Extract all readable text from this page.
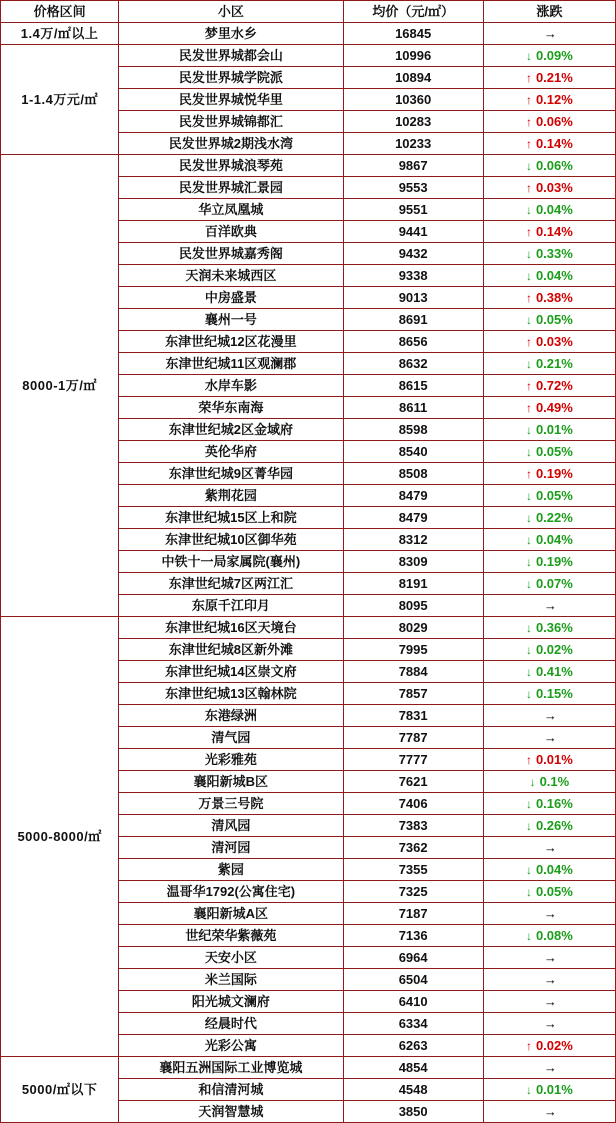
价格区间	小区	均价（元/㎡）	涨跌
1.4万/㎡以上	梦里水乡	16845	→

1-1.4万元/㎡	民发世界城都会山	10996	↓ 0.09%

	民发世界城学院派	10894	↑ 0.21%

	民发世界城悦华里	10360	↑ 0.12%

	民发世界城锦都汇	10283	↑ 0.06%

	民发世界城2期浅水湾	10233	↑ 0.14%

8000-1万/㎡	民发世界城浪琴苑	9867	↓ 0.06%

	民发世界城汇景园	9553	↑ 0.03%

	华立凤凰城	9551	↓ 0.04%

	百洋欧典	9441	↑ 0.14%

	民发世界城嘉秀阁	9432	↓ 0.33%

	天润未来城西区	9338	↓ 0.04%

	中房盛景	9013	↑ 0.38%

	襄州一号	8691	↓ 0.05%

	东津世纪城12区花漫里	8656	↑ 0.03%

	东津世纪城11区观澜郡	8632	↓ 0.21%

	水岸车影	8615	↑ 0.72%

	荣华东南海	8611	↑ 0.49%

	东津世纪城2区金域府	8598	↓ 0.01%

	英伦华府	8540	↓ 0.05%

	东津世纪城9区菁华园	8508	↑ 0.19%

	紫荆花园	8479	↓ 0.05%

	东津世纪城15区上和院	8479	↓ 0.22%

	东津世纪城10区御华苑	8312	↓ 0.04%

	中铁十一局家属院(襄州)	8309	↓ 0.19%

	东津世纪城7区两江汇	8191	↓ 0.07%

	东原千江印月	8095	→

5000-8000/㎡	东津世纪城16区天境台	8029	↓ 0.36%

	东津世纪城8区新外滩	7995	↓ 0.02%

	东津世纪城14区崇文府	7884	↓ 0.41%

	东津世纪城13区翰林院	7857	↓ 0.15%

	东港绿洲	7831	→

	清气园	7787	→

	光彩雅苑	7777	↑ 0.01%

	襄阳新城B区	7621	↓ 0.1%

	万景三号院	7406	↓ 0.16%

	清风园	7383	↓ 0.26%

	清河园	7362	→

	紫园	7355	↓ 0.04%

	温哥华1792(公寓住宅)	7325	↓ 0.05%

	襄阳新城A区	7187	→

	世纪荣华紫薇苑	7136	↓ 0.08%

	天安小区	6964	→

	米兰国际	6504	→

	阳光城文澜府	6410	→

	经晨时代	6334	→

	光彩公寓	6263	↑ 0.02%

5000/㎡以下	襄阳五洲国际工业博览城	4854	→

	和信清河城	4548	↓ 0.01%

	天润智慧城	3850	→
